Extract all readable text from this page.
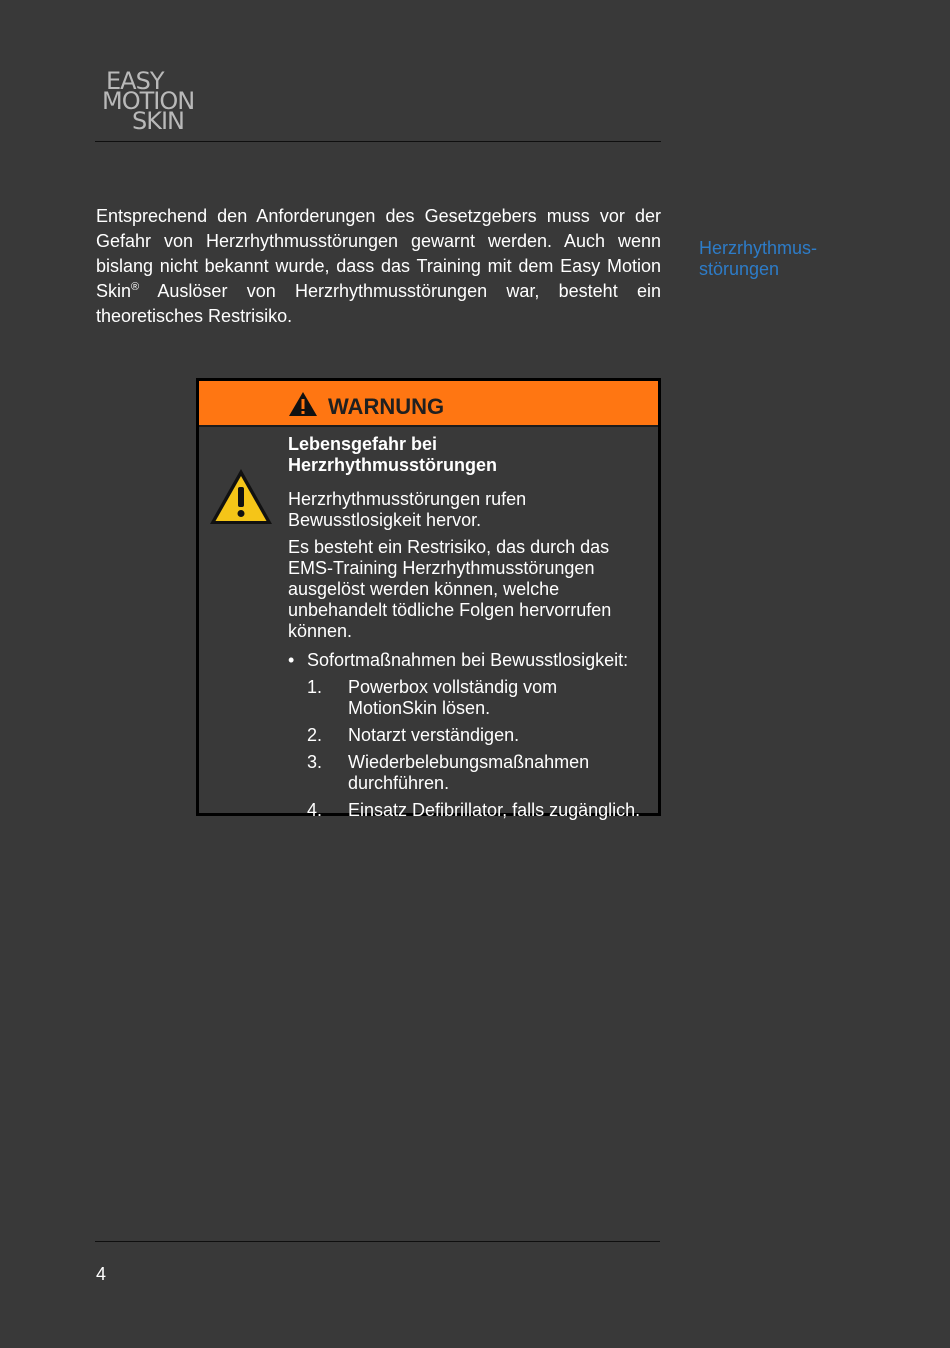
EASY
MOTION
SKIN
Entsprechend den Anforderungen des Gesetzgebers muss vor der Gefahr von Herzrhythmusstörungen gewarnt werden. Auch wenn bislang nicht bekannt wurde, dass das Training mit dem Easy Motion Skin® Auslöser von Herzrhythmusstörungen war, besteht ein theoretisches Restrisiko.
Herzrhythmus-störungen
WARNUNG
Lebensgefahr bei Herzrhythmusstörungen
Herzrhythmusstörungen rufen Bewusstlosigkeit hervor.
Es besteht ein Restrisiko, das durch das EMS-Training Herzrhythmusstörungen ausgelöst werden können, welche unbehandelt tödliche Folgen hervorrufen können.
• Sofortmaßnahmen bei Bewusstlosigkeit:
1. Powerbox vollständig vom MotionSkin lösen.
2. Notarzt verständigen.
3. Wiederbelebungsmaßnahmen durchführen.
4. Einsatz Defibrillator, falls zugänglich.
4
